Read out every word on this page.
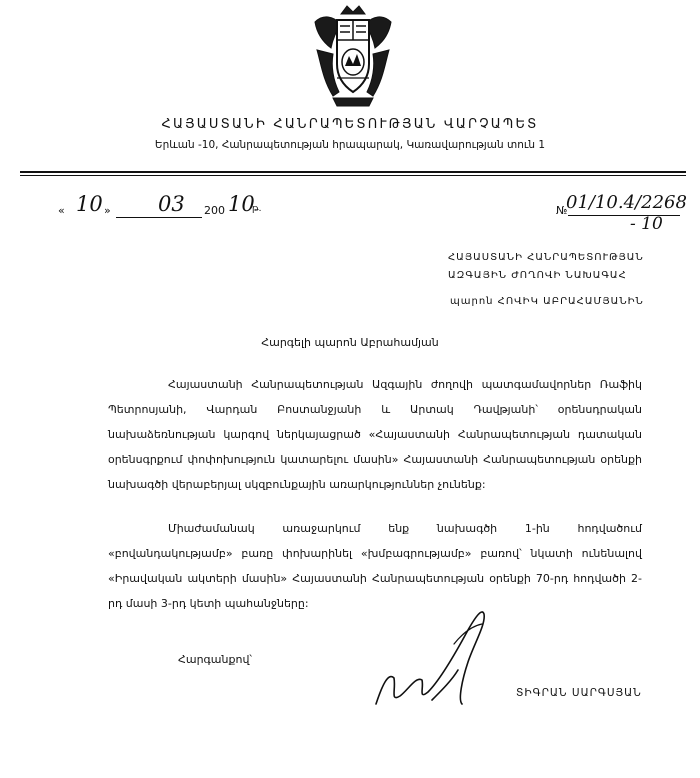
ՀԱՅԱՍՏԱՆԻ ՀԱՆՐԱՊԵՏՈՒԹՅԱՆ ՎԱՐՉԱՊԵՏ
Երևան -10, Հանրապետության հրապարակ, Կառավարության տուն 1
« 10 » 03 200 10
թ.	№
01/10.4/2268
- 10
ՀԱՅԱՍՏԱՆԻ ՀԱՆՐԱՊԵՏՈՒԹՅԱՆ
ԱԶԳԱՅԻՆ ԺՈՂՈՎԻ ՆԱԽԱԳԱՀ
պարոն ՀՈՎԻԿ ԱԲՐԱՀԱՄՅԱՆԻՆ
Հարգելի պարոն Աբրահամյան
Հայաստանի Հանրապետության Ազգային ժողովի պատգամավորներ Ռաֆիկ Պետրոսյանի, Վարդան Բոստանջյանի և Արտակ Դավթյանի՝ օրենսդրական նախաձեռնության կարգով ներկայացրած «Հայաստանի Հանրապետության դատական օրենսգրքում փոփոխություն կատարելու մասին» Հայաստանի Հանրապետության օրենքի նախագծի վերաբերյալ սկզբունքային առարկություններ չունենք:
Միաժամանակ առաջարկում ենք նախագծի 1-ին հոդվածում «բովանդակությամբ» բառը փոխարինել «խմբագրությամբ» բառով՝ նկատի ունենալով «Իրավական ակտերի մասին» Հայաստանի Հանրապետության օրենքի 70-րդ հոդվածի 2-րդ մասի 3-րդ կետի պահանջները:
Հարգանքով՝
ՏԻԳՐԱՆ ՍԱՐԳՍՅԱՆ
